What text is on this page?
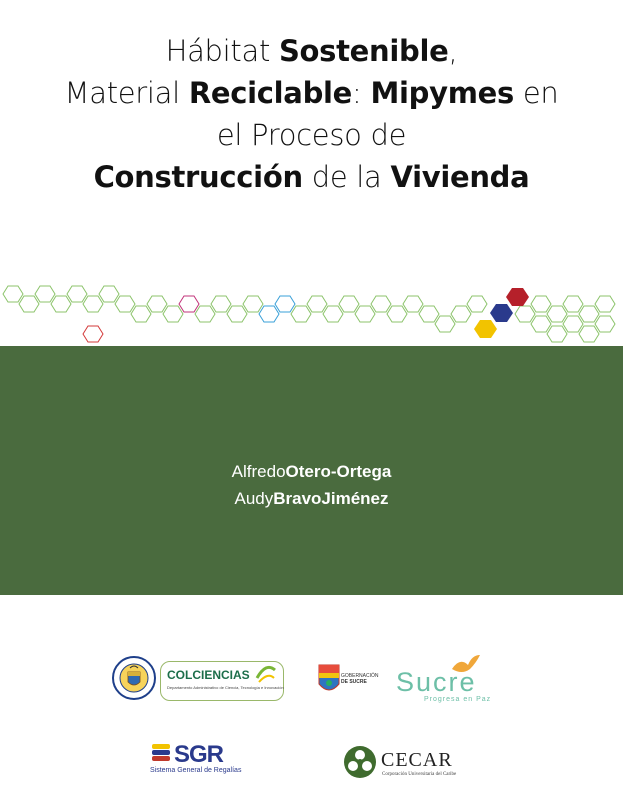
Hábitat Sostenible,
Material Reciclable: Mipymes en
el Proceso de
Construcción de la Vivienda
AlfredoOtero-Ortega
AudyBravoJiménez
COLCIENCIAS
Departamento Administrativo de Ciencia, Tecnología e Innovación
GOBERNACIÓN
DE SUCRE	Sucre
Progresa en Paz
SGR
Sistema General de Regalías	CECAR
Corporación Universitaria del Caribe
